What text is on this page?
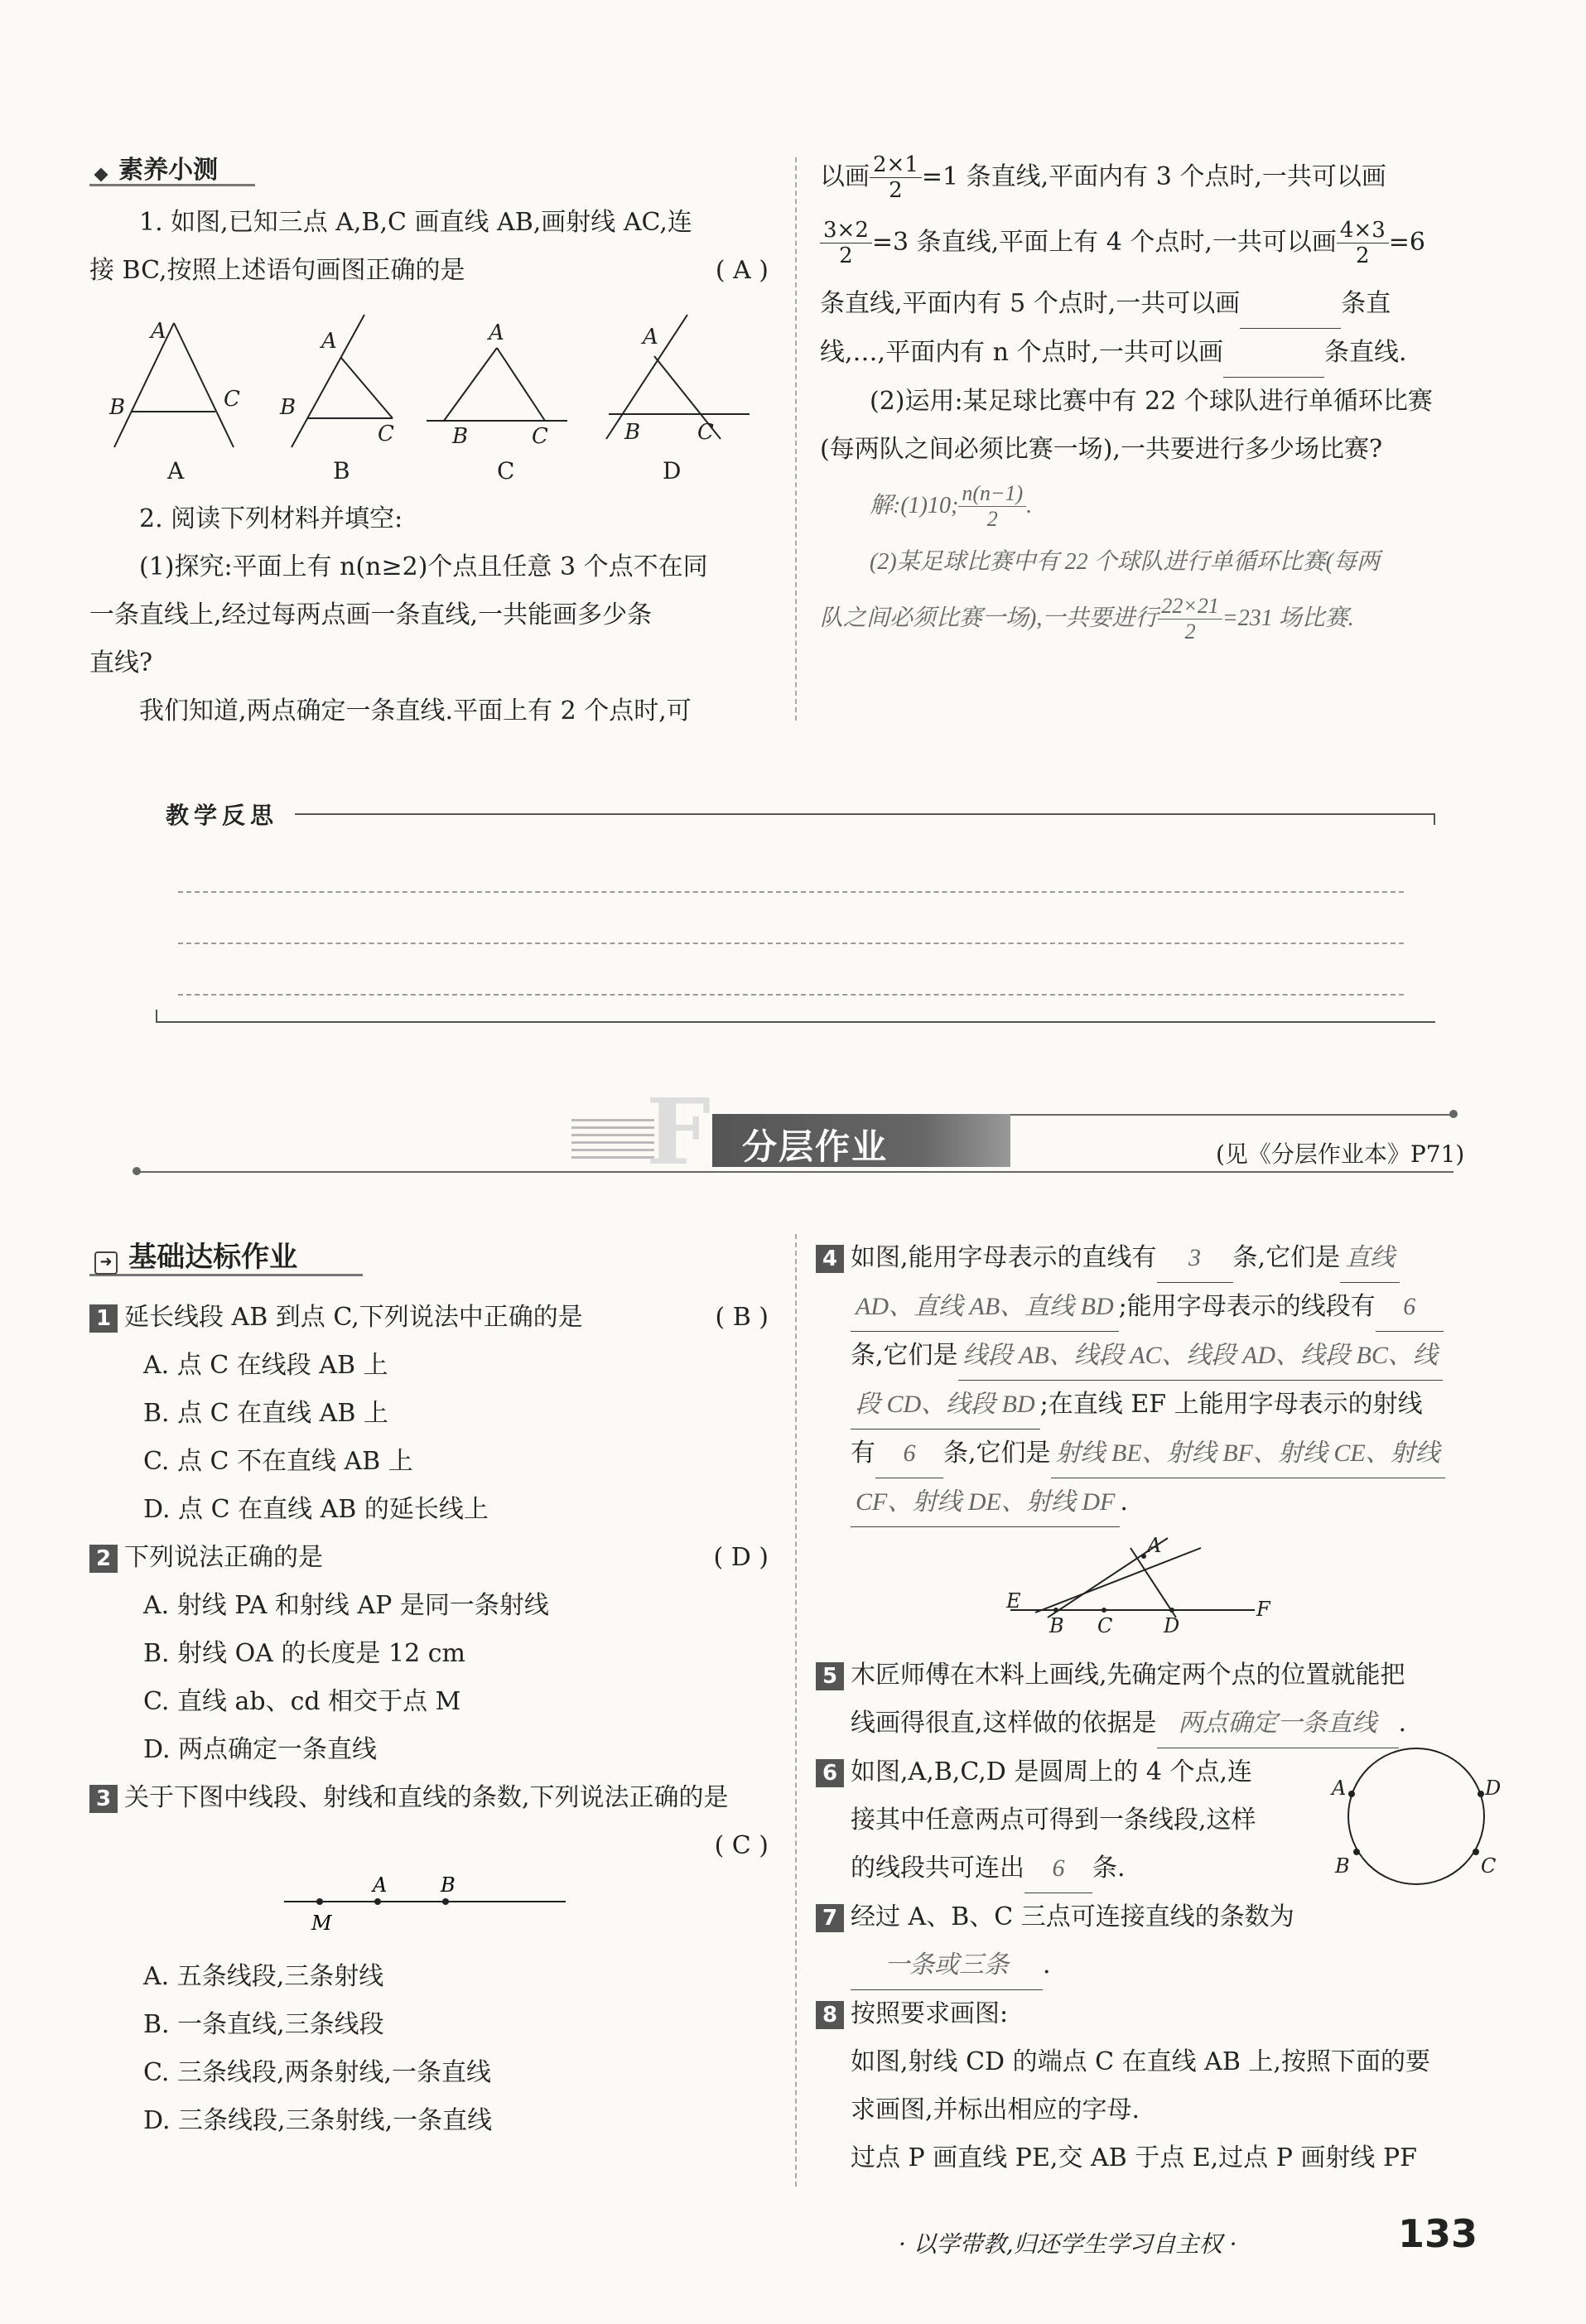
素养小测
1. 如图,已知三点 A,B,C 画直线 AB,画射线 AC,连
接 BC,按照上述语句画图正确的是	( A )
A
B	C
A
B
C
A
B	C
A
B	C
A	B	C	D
2. 阅读下列材料并填空:
(1)探究:平面上有 n(n≥2)个点且任意 3 个点不在同
一条直线上,经过每两点画一条直线,一共能画多少条
直线?
我们知道,两点确定一条直线.平面上有 2 个点时,可
以画 $\frac{2\times 1}{2} =1$ 条直线,平面内有 3 个点时,一共可以画
$\frac{3\times 2}{2} =3$ 条直线,平面上有 4 个点时,一共可以画 $\frac{4\times 3}{2} =6$
条直线,平面内有 5 个点时,一共可以画	条直
线,…,平面内有 n 个点时,一共可以画	条直线.
(2)运用:某足球比赛中有 22 个球队进行单循环比赛
(每两队之间必须比赛一场),一共要进行多少场比赛?
解:(1)10; $\frac{n(n-1)}{2}$ .
(2)某足球比赛中有 22 个球队进行单循环比赛(每两
队之间必须比赛一场),一共要进行 $\frac{22\times 21}{2} =231$ 场比赛.
教学反思
F 分层作业	(见《分层作业本》P71)
➜ 基础达标作业
1 延长线段 AB 到点 C,下列说法中正确的是	( B )
A. 点 C 在线段 AB 上
B. 点 C 在直线 AB 上
C. 点 C 不在直线 AB 上
D. 点 C 在直线 AB 的延长线上
2 下列说法正确的是	( D )
A. 射线 PA 和射线 AP 是同一条射线
B. 射线 OA 的长度是 12 cm
C. 直线 ab、cd 相交于点 M
D. 两点确定一条直线
3 关于下图中线段、射线和直线的条数,下列说法正确的是
( C )
M
A	B
A. 五条线段,三条射线
B. 一条直线,三条线段
C. 三条线段,两条射线,一条直线
D. 三条线段,三条射线,一条直线
4 如图,能用字母表示的直线有 3 条,它们是 直线
AD、直线 AB、直线 BD ;能用字母表示的线段有 6
条,它们是 线段 AB、线段 AC、线段 AD、线段 BC、线
段 CD、线段 BD ;在直线 EF 上能用字母表示的射线
有 6 条,它们是 射线 BE、射线 BF、射线 CE、射线
CF、射线 DE、射线 DF .
A
E
B C	D
F
5 木匠师傅在木料上画线,先确定两个点的位置就能把
线画得很直,这样做的依据是 两点确定一条直线 .
6 如图,A,B,C,D 是圆周上的 4 个点,连
接其中任意两点可得到一条线段,这样
的线段共可连出 6 条.
A	D
B	C
7 经过 A、B、C 三点可连接直线的条数为
一条或三条 .
8 按照要求画图:
如图,射线 CD 的端点 C 在直线 AB 上,按照下面的要
求画图,并标出相应的字母.
过点 P 画直线 PE,交 AB 于点 E,过点 P 画射线 PF
· 以学带教,归还学生学习自主权 ·	133
